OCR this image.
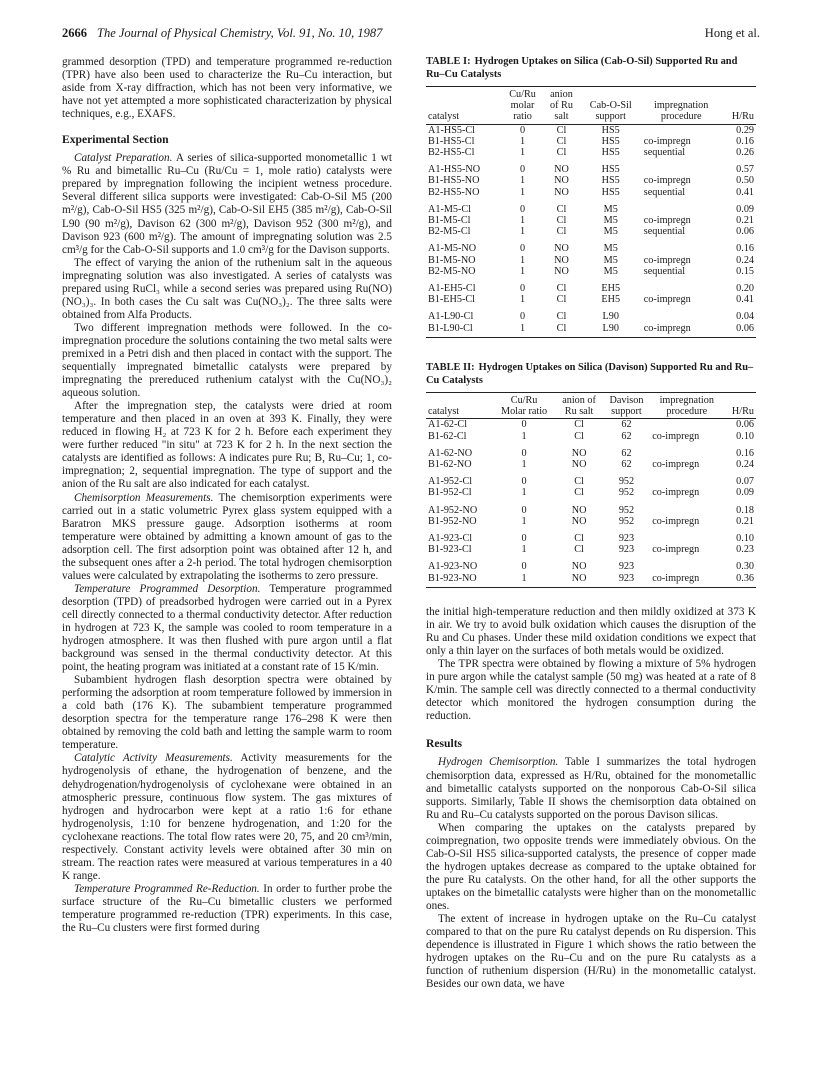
2666 The Journal of Physical Chemistry, Vol. 91, No. 10, 1987	Hong et al.

grammed desorption (TPD) and temperature programmed re-reduction (TPR) have also been used to characterize the Ru–Cu interaction, but aside from X-ray diffraction, which has not been very informative, we have not yet attempted a more sophisticated characterization by physical techniques, e.g., EXAFS.

Experimental Section

Catalyst Preparation. A series of silica-supported monometallic 1 wt % Ru and bimetallic Ru–Cu (Ru/Cu = 1, mole ratio) catalysts were prepared by impregnation following the incipient wetness procedure. Several different silica supports were investigated: Cab-O-Sil M5 (200 m²/g), Cab-O-Sil HS5 (325 m²/g), Cab-O-Sil EH5 (385 m²/g), Cab-O-Sil L90 (90 m²/g), Davison 62 (300 m²/g), Davison 952 (300 m²/g), and Davison 923 (600 m²/g). The amount of impregnating solution was 2.5 cm³/g for the Cab-O-Sil supports and 1.0 cm³/g for the Davison supports.

The effect of varying the anion of the ruthenium salt in the aqueous impregnating solution was also investigated. A series of catalysts was prepared using RuCl₃ while a second series was prepared using Ru(NO)(NO₃)₃. In both cases the Cu salt was Cu(NO₃)₂. The three salts were obtained from Alfa Products.

Two different impregnation methods were followed. In the co-impregnation procedure the solutions containing the two metal salts were premixed in a Petri dish and then placed in contact with the support. The sequentially impregnated bimetallic catalysts were prepared by impregnating the prereduced ruthenium catalyst with the Cu(NO₃)₂ aqueous solution.

After the impregnation step, the catalysts were dried at room temperature and then placed in an oven at 393 K. Finally, they were reduced in flowing H₂ at 723 K for 2 h. Before each experiment they were further reduced "in situ" at 723 K for 2 h. In the next section the catalysts are identified as follows: A indicates pure Ru; B, Ru–Cu; 1, co-impregnation; 2, sequential impregnation. The type of support and the anion of the Ru salt are also indicated for each catalyst.

Chemisorption Measurements. The chemisorption experiments were carried out in a static volumetric Pyrex glass system equipped with a Baratron MKS pressure gauge. Adsorption isotherms at room temperature were obtained by admitting a known amount of gas to the adsorption cell. The first adsorption point was obtained after 12 h, and the subsequent ones after a 2-h period. The total hydrogen chemisorption values were calculated by extrapolating the isotherms to zero pressure.

Temperature Programmed Desorption. Temperature programmed desorption (TPD) of preadsorbed hydrogen were carried out in a Pyrex cell directly connected to a thermal conductivity detector. After reduction in hydrogen at 723 K, the sample was cooled to room temperature in a hydrogen atmosphere. It was then flushed with pure argon until a flat background was sensed in the thermal conductivity detector. At this point, the heating program was initiated at a constant rate of 15 K/min.

Subambient hydrogen flash desorption spectra were obtained by performing the adsorption at room temperature followed by immersion in a cold bath (176 K). The subambient temperature programmed desorption spectra for the temperature range 176–298 K were then obtained by removing the cold bath and letting the sample warm to room temperature.

Catalytic Activity Measurements. Activity measurements for the hydrogenolysis of ethane, the hydrogenation of benzene, and the dehydrogenation/hydrogenolysis of cyclohexane were obtained in an atmospheric pressure, continuous flow system. The gas mixtures of hydrogen and hydrocarbon were kept at a ratio 1:6 for ethane hydrogenolysis, 1:10 for benzene hydrogenation, and 1:20 for the cyclohexane reactions. The total flow rates were 20, 75, and 20 cm³/min, respectively. Constant activity levels were obtained after 30 min on stream. The reaction rates were measured at various temperatures in a 40 K range.

Temperature Programmed Re-Reduction. In order to further probe the surface structure of the Ru–Cu bimetallic clusters we performed temperature programmed re-reduction (TPR) experiments. In this case, the Ru–Cu clusters were first formed during

TABLE I: Hydrogen Uptakes on Silica (Cab-O-Sil) Supported Ru and Ru–Cu Catalysts
	Cu/Ru	anion			
	molar	of Ru	Cab-O-Sil	impregnation	
catalyst	ratio	salt	support	procedure	H/Ru
A1-HS5-Cl	0	Cl	HS5		0.29
B1-HS5-Cl	1	Cl	HS5	co-impregn	0.16
B2-HS5-Cl	1	Cl	HS5	sequential	0.26
A1-HS5-NO	0	NO	HS5		0.57
B1-HS5-NO	1	NO	HS5	co-impregn	0.50
B2-HS5-NO	1	NO	HS5	sequential	0.41
A1-M5-Cl	0	Cl	M5		0.09
B1-M5-Cl	1	Cl	M5	co-impregn	0.21
B2-M5-Cl	1	Cl	M5	sequential	0.06
A1-M5-NO	0	NO	M5		0.16
B1-M5-NO	1	NO	M5	co-impregn	0.24
B2-M5-NO	1	NO	M5	sequential	0.15
A1-EH5-Cl	0	Cl	EH5		0.20
B1-EH5-Cl	1	Cl	EH5	co-impregn	0.41
A1-L90-Cl	0	Cl	L90		0.04
B1-L90-Cl	1	Cl	L90	co-impregn	0.06
TABLE II: Hydrogen Uptakes on Silica (Davison) Supported Ru and Ru–Cu Catalysts
	Cu/Ru	anion of	Davison	impregnation	
catalyst	Molar ratio	Ru salt	support	procedure	H/Ru
A1-62-Cl	0	Cl	62		0.06
B1-62-Cl	1	Cl	62	co-impregn	0.10
A1-62-NO	0	NO	62		0.16
B1-62-NO	1	NO	62	co-impregn	0.24
A1-952-Cl	0	Cl	952		0.07
B1-952-Cl	1	Cl	952	co-impregn	0.09
A1-952-NO	0	NO	952		0.18
B1-952-NO	1	NO	952	co-impregn	0.21
A1-923-Cl	0	Cl	923		0.10
B1-923-Cl	1	Cl	923	co-impregn	0.23
A1-923-NO	0	NO	923		0.30
B1-923-NO	1	NO	923	co-impregn	0.36

the initial high-temperature reduction and then mildly oxidized at 373 K in air. We try to avoid bulk oxidation which causes the disruption of the Ru and Cu phases. Under these mild oxidation conditions we expect that only a thin layer on the surfaces of both metals would be oxidized.

The TPR spectra were obtained by flowing a mixture of 5% hydrogen in pure argon while the catalyst sample (50 mg) was heated at a rate of 8 K/min. The sample cell was directly connected to a thermal conductivity detector which monitored the hydrogen consumption during the reduction.

Results

Hydrogen Chemisorption. Table I summarizes the total hydrogen chemisorption data, expressed as H/Ru, obtained for the monometallic and bimetallic catalysts supported on the nonporous Cab-O-Sil silica supports. Similarly, Table II shows the chemisorption data obtained on Ru and Ru–Cu catalysts supported on the porous Davison silicas.

When comparing the uptakes on the catalysts prepared by coimpregnation, two opposite trends were immediately obvious. On the Cab-O-Sil HS5 silica-supported catalysts, the presence of copper made the hydrogen uptakes decrease as compared to the uptake obtained for the pure Ru catalysts. On the other hand, for all the other supports the uptakes on the bimetallic catalysts were higher than on the monometallic ones.

The extent of increase in hydrogen uptake on the Ru–Cu catalyst compared to that on the pure Ru catalyst depends on Ru dispersion. This dependence is illustrated in Figure 1 which shows the ratio between the hydrogen uptakes on the Ru–Cu and on the pure Ru catalysts as a function of ruthenium dispersion (H/Ru) in the monometallic catalyst. Besides our own data, we have
